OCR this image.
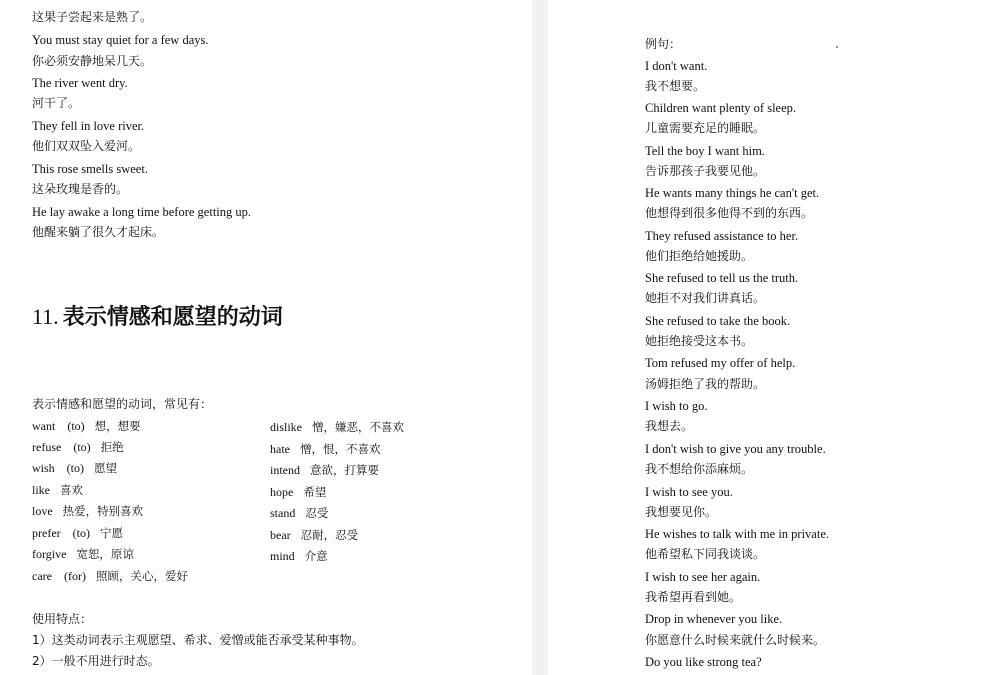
这果子尝起来是熟了。
You must stay quiet for a few days.
你必须安静地呆几天。
The river went dry.
河干了。
They fell in love river.
他们双双坠入爱河。
This rose smells sweet.
这朵玫瑰是香的。
He lay awake a long time before getting up.
他醒来躺了很久才起床。
11. 表示情感和愿望的动词
表示情感和愿望的动词，常见有：
want (to) 想，想要
refuse (to) 拒绝
wish (to) 愿望
like 喜欢
love 热爱，特别喜欢
prefer (to) 宁愿
forgive 宽恕，原谅
care (for) 照顾，关心，爱好
dislike 憎，嫌恶，不喜欢
hate 憎，恨，不喜欢
intend 意欲，打算要
hope 希望
stand 忍受
bear 忍耐，忍受
mind 介意
使用特点：
1）这类动词表示主观愿望、希求、爱憎或能否承受某种事物。
2）一般不用进行时态。
例句：
I don't want.
我不想要。
Children want plenty of sleep.
儿童需要充足的睡眠。
Tell the boy I want him.
告诉那孩子我要见他。
He wants many things he can't get.
他想得到很多他得不到的东西。
They refused assistance to her.
他们拒绝给她援助。
She refused to tell us the truth.
她拒不对我们讲真话。
She refused to take the book.
她拒绝接受这本书。
Tom refused my offer of help.
汤姆拒绝了我的帮助。
I wish to go.
我想去。
I don't wish to give you any trouble.
我不想给你添麻烦。
I wish to see you.
我想要见你。
He wishes to talk with me in private.
他希望私下同我谈谈。
I wish to see her again.
我希望再看到她。
Drop in whenever you like.
你愿意什么时候来就什么时候来。
Do you like strong tea?
